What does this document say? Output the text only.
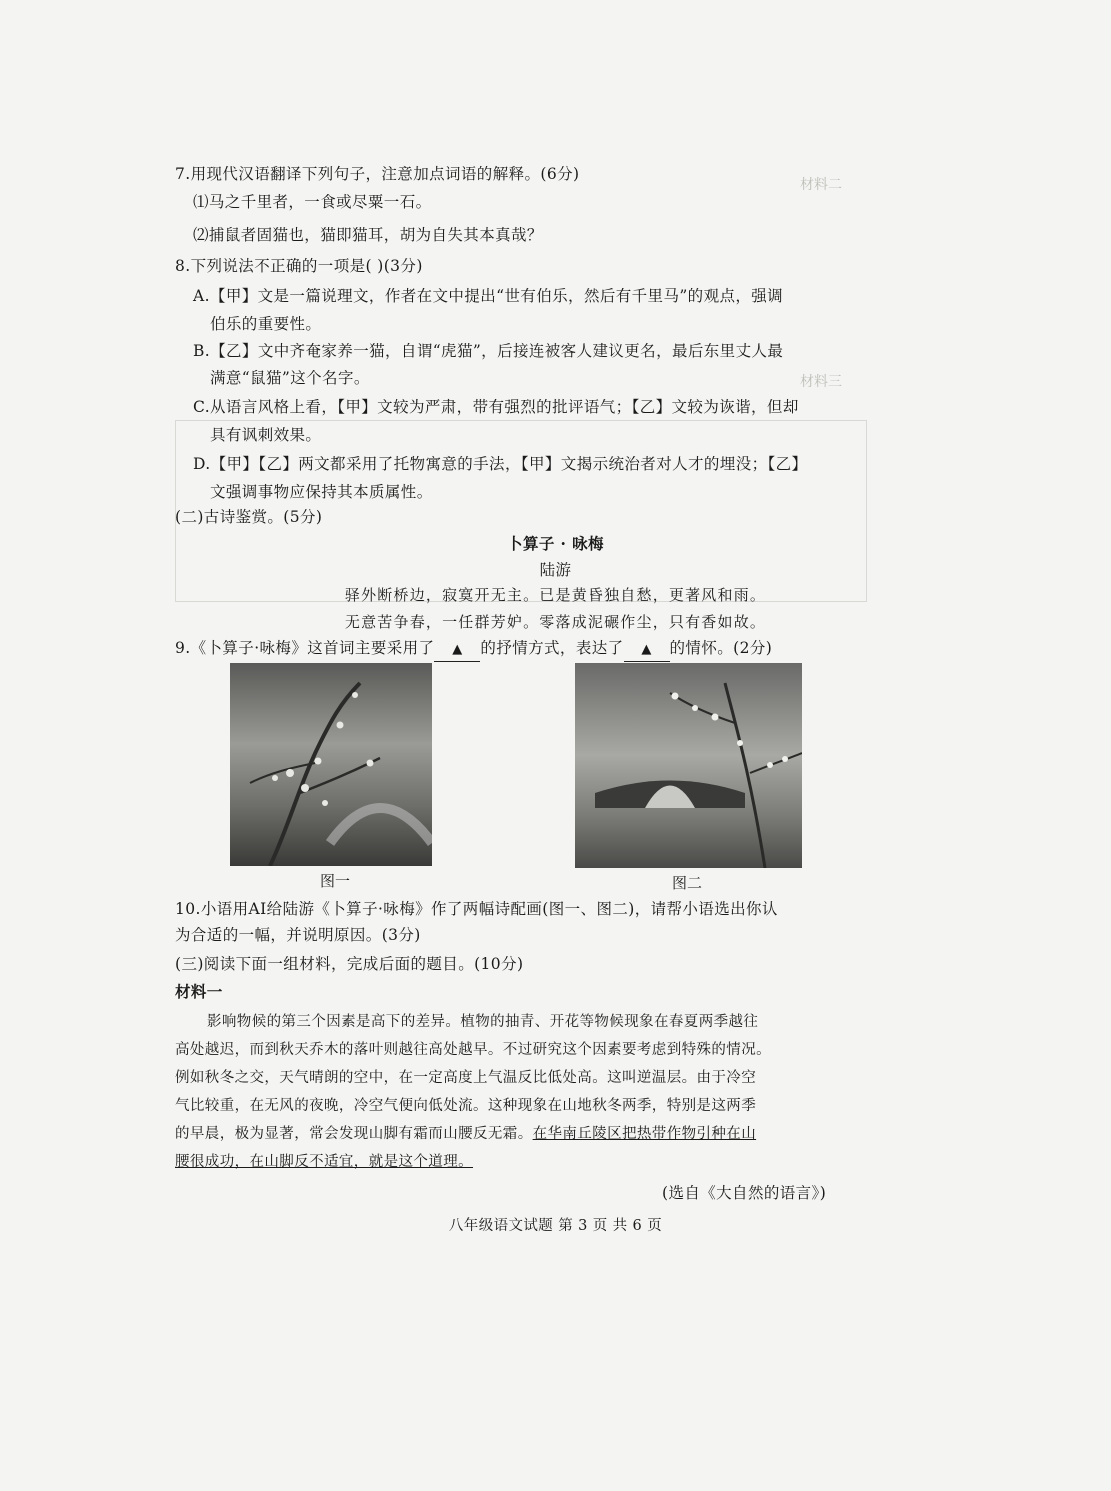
材料二
材料三
7.用现代汉语翻译下列句子，注意加点词语的解释。(6分)
⑴马之千里者，一食或尽粟一石。
⑵捕鼠者固猫也，猫即猫耳，胡为自失其本真哉？
8.下列说法不正确的一项是( )(3分)
A.【甲】文是一篇说理文，作者在文中提出“世有伯乐，然后有千里马”的观点，强调
伯乐的重要性。
B.【乙】文中齐奄家养一猫，自谓“虎猫”，后接连被客人建议更名，最后东里丈人最
满意“鼠猫”这个名字。
C.从语言风格上看，【甲】文较为严肃，带有强烈的批评语气；【乙】文较为诙谐，但却
具有讽刺效果。
D.【甲】【乙】两文都采用了托物寓意的手法，【甲】文揭示统治者对人才的埋没；【乙】
文强调事物应保持其本质属性。
(二)古诗鉴赏。(5分)
卜算子 · 咏梅
陆游
驿外断桥边，寂寞开无主。已是黄昏独自愁，更著风和雨。
无意苦争春，一任群芳妒。零落成泥碾作尘，只有香如故。
9.《卜算子·咏梅》这首词主要采用了 ▲ 的抒情方式，表达了 ▲ 的情怀。(2分)
图一	图二
10.小语用AI给陆游《卜算子·咏梅》作了两幅诗配画(图一、图二)，请帮小语选出你认
为合适的一幅，并说明原因。(3分)
(三)阅读下面一组材料，完成后面的题目。(10分)
材料一
影响物候的第三个因素是高下的差异。植物的抽青、开花等物候现象在春夏两季越往
高处越迟，而到秋天乔木的落叶则越往高处越早。不过研究这个因素要考虑到特殊的情况。
例如秋冬之交，天气晴朗的空中，在一定高度上气温反比低处高。这叫逆温层。由于冷空
气比较重，在无风的夜晚，冷空气便向低处流。这种现象在山地秋冬两季，特别是这两季
的早晨，极为显著，常会发现山脚有霜而山腰反无霜。在华南丘陵区把热带作物引种在山
腰很成功，在山脚反不适宜，就是这个道理。
(选自《大自然的语言》)
八年级语文试题 第 3 页 共 6 页
